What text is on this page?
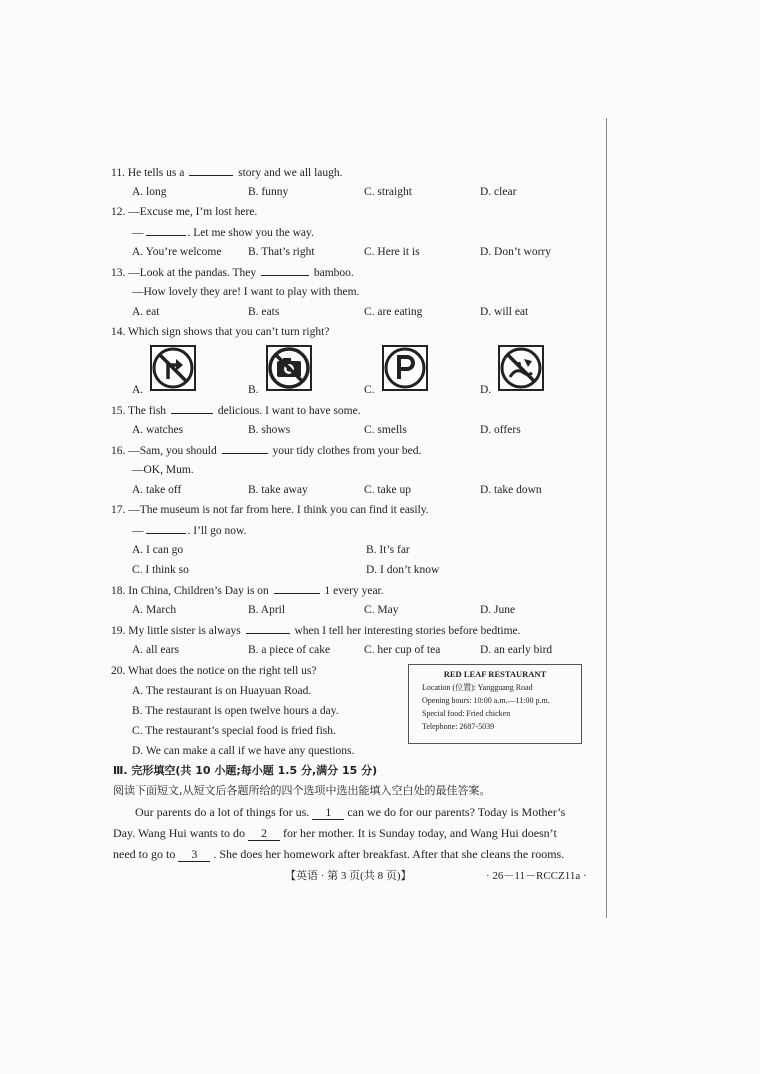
11. He tells us a	story and we all laugh.
A. long	B. funny	C. straight	D. clear
12. —Excuse me, I’m lost here.
—	. Let me show you the way.
A. You’re welcome B. That’s right	C. Here it is	D. Don’t worry
13. —Look at the pandas. They	bamboo.
—How lovely they are! I want to play with them.
A. eat	B. eats	C. are eating	D. will eat
14. Which sign shows that you can’t turn right?
A.	B.	C.	D.
15. The fish	delicious. I want to have some.
A. watches	B. shows	C. smells	D. offers
16. —Sam, you should	your tidy clothes from your bed.
—OK, Mum.
A. take off	B. take away	C. take up	D. take down
17. —The museum is not far from here. I think you can find it easily.
—	. I’ll go now.
A. I can go	B. It’s far
C. I think so	D. I don’t know
18. In China, Children’s Day is on	1 every year.
A. March	B. April	C. May	D. June
19. My little sister is always	when I tell her interesting stories before bedtime.
A. all ears	B. a piece of cake	C. her cup of tea	D. an early bird
20. What does the notice on the right tell us?
A. The restaurant is on Huayuan Road.
B. The restaurant is open twelve hours a day.
C. The restaurant’s special food is fried fish.
D. We can make a call if we have any questions.
RED LEAF RESTAURANT
Location (位置): Yangguang Road
Opening hours: 10:00 a.m.—11:00 p.m.
Special food: Fried chicken
Telephone: 2687-5039
Ⅲ. 完形填空(共 10 小题;每小题 1.5 分,满分 15 分)
阅读下面短文,从短文后各题所给的四个选项中选出能填入空白处的最佳答案。
Our parents do a lot of things for us. 1 can we do for our parents? Today is Mother’s
Day. Wang Hui wants to do 2 for her mother. It is Sunday today, and Wang Hui doesn’t
need to go to 3 . She does her homework after breakfast. After that she cleans the rooms.
【英语 · 第 3 页(共 8 页)】	· 26－11－RCCZ11a ·
